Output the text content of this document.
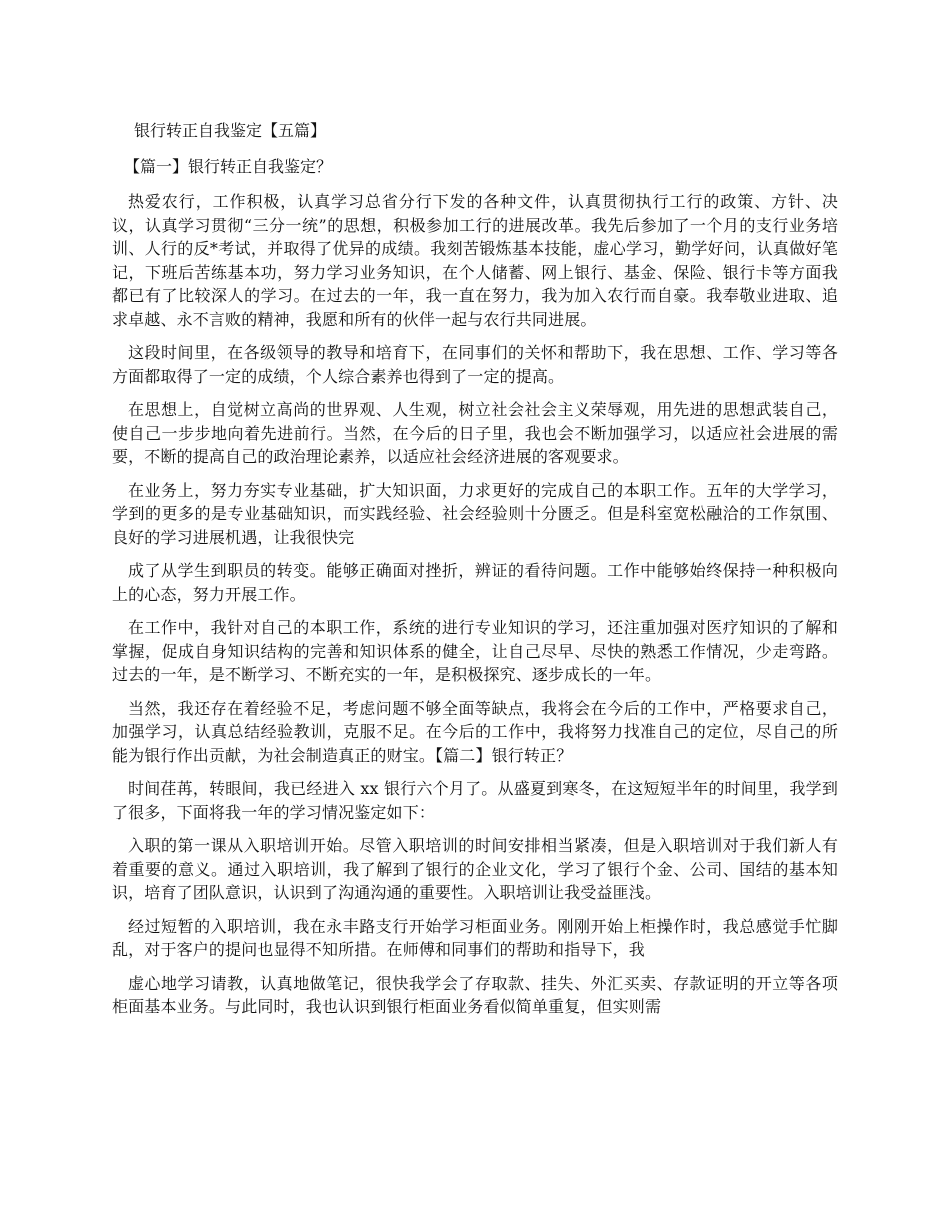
银行转正自我鉴定【五篇】
【篇一】银行转正自我鉴定？

热爱农行，工作积极，认真学习总省分行下发的各种文件，认真贯彻执行工行的政策、方针、决议，认真学习贯彻“三分一统”的思想，积极参加工行的进展改革。我先后参加了一个月的支行业务培训、人行的反*考试，并取得了优异的成绩。我刻苦锻炼基本技能，虚心学习，勤学好问，认真做好笔记，下班后苦练基本功，努力学习业务知识，在个人储蓄、网上银行、基金、保险、银行卡等方面我都已有了比较深人的学习。在过去的一年，我一直在努力，我为加入农行而自豪。我奉敬业进取、追求卓越、永不言败的精神，我愿和所有的伙伴一起与农行共同进展。

这段时间里，在各级领导的教导和培育下，在同事们的关怀和帮助下，我在思想、工作、学习等各方面都取得了一定的成绩，个人综合素养也得到了一定的提高。

在思想上，自觉树立高尚的世界观、人生观，树立社会社会主义荣辱观，用先进的思想武装自己，使自己一步步地向着先进前行。当然，在今后的日子里，我也会不断加强学习，以适应社会进展的需要，不断的提高自己的政治理论素养，以适应社会经济进展的客观要求。

在业务上，努力夯实专业基础，扩大知识面，力求更好的完成自己的本职工作。五年的大学学习，学到的更多的是专业基础知识，而实践经验、社会经验则十分匮乏。但是科室宽松融洽的工作氛围、良好的学习进展机遇，让我很快完

成了从学生到职员的转变。能够正确面对挫折，辨证的看待问题。工作中能够始终保持一种积极向上的心态，努力开展工作。

在工作中，我针对自己的本职工作，系统的进行专业知识的学习，还注重加强对医疗知识的了解和掌握，促成自身知识结构的完善和知识体系的健全，让自己尽早、尽快的熟悉工作情况，少走弯路。过去的一年，是不断学习、不断充实的一年，是积极探究、逐步成长的一年。

当然，我还存在着经验不足，考虑问题不够全面等缺点，我将会在今后的工作中，严格要求自己，加强学习，认真总结经验教训，克服不足。在今后的工作中，我将努力找准自己的定位，尽自己的所能为银行作出贡献，为社会制造真正的财宝。【篇二】银行转正？

时间荏苒，转眼间，我已经进入 xx 银行六个月了。从盛夏到寒冬，在这短短半年的时间里，我学到了很多，下面将我一年的学习情况鉴定如下：

入职的第一课从入职培训开始。尽管入职培训的时间安排相当紧凑，但是入职培训对于我们新人有着重要的意义。通过入职培训，我了解到了银行的企业文化，学习了银行个金、公司、国结的基本知识，培育了团队意识，认识到了沟通沟通的重要性。入职培训让我受益匪浅。

经过短暂的入职培训，我在永丰路支行开始学习柜面业务。刚刚开始上柜操作时，我总感觉手忙脚乱，对于客户的提问也显得不知所措。在师傅和同事们的帮助和指导下，我

虚心地学习请教，认真地做笔记，很快我学会了存取款、挂失、外汇买卖、存款证明的开立等各项柜面基本业务。与此同时，我也认识到银行柜面业务看似简单重复，但实则需
